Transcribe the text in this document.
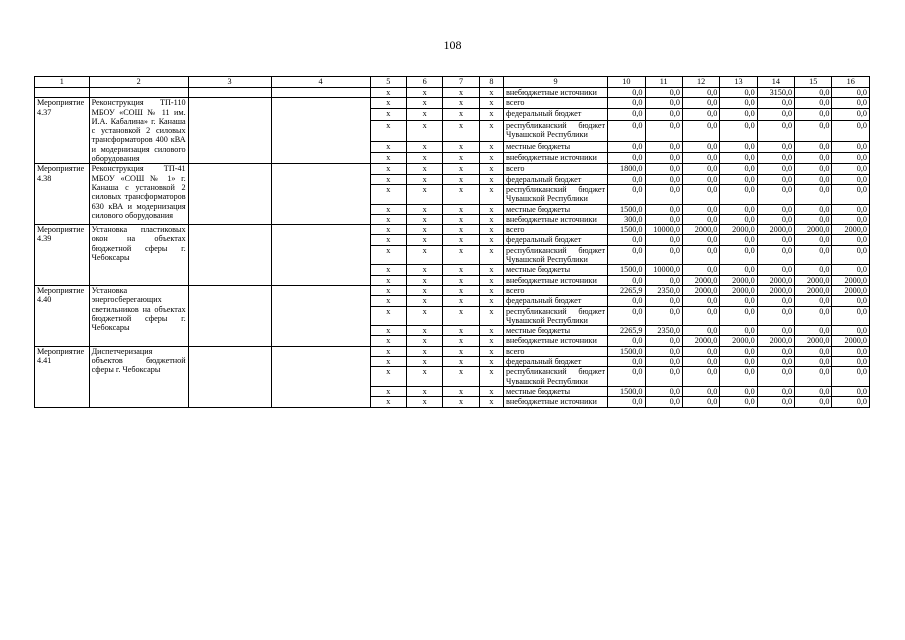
108
1	2	3	4	5	6	7	8	9	10	11	12	13	14	15	16
				x	x	x	x	внебюджетные источники	0,0	0,0	0,0	0,0	3150,0	0,0	0,0
Мероприятие 4.37	Реконструкция ТП-110 МБОУ «СОШ № 11 им. И.А. Кабалина» г. Канаша с установкой 2 силовых трансформаторов 400 кВА и модернизация силового оборудования			x	x	x	x	всего	0,0	0,0	0,0	0,0	0,0	0,0	0,0
				x	x	x	x	федеральный бюджет	0,0	0,0	0,0	0,0	0,0	0,0	0,0
				x	x	x	x	республиканский бюджет Чувашской Республики	0,0	0,0	0,0	0,0	0,0	0,0	0,0
				x	x	x	x	местные бюджеты	0,0	0,0	0,0	0,0	0,0	0,0	0,0
				x	x	x	x	внебюджетные источники	0,0	0,0	0,0	0,0	0,0	0,0	0,0
Мероприятие 4.38	Реконструкция ТП-41 МБОУ «СОШ № 1» г. Канаша с установкой 2 силовых трансформаторов 630 кВА и модернизация силового оборудования			x	x	x	x	всего	1800,0	0,0	0,0	0,0	0,0	0,0	0,0
				x	x	x	x	федеральный бюджет	0,0	0,0	0,0	0,0	0,0	0,0	0,0
				x	x	x	x	республиканский бюджет Чувашской Республики	0,0	0,0	0,0	0,0	0,0	0,0	0,0
				x	x	x	x	местные бюджеты	1500,0	0,0	0,0	0,0	0,0	0,0	0,0
				x	x	x	x	внебюджетные источники	300,0	0,0	0,0	0,0	0,0	0,0	0,0
Мероприятие 4.39	Установка пластиковых окон на объектах бюджетной сферы г. Чебоксары			x	x	x	x	всего	1500,0	10000,0	2000,0	2000,0	2000,0	2000,0	2000,0
				x	x	x	x	федеральный бюджет	0,0	0,0	0,0	0,0	0,0	0,0	0,0
				x	x	x	x	республиканский бюджет Чувашской Республики	0,0	0,0	0,0	0,0	0,0	0,0	0,0
				x	x	x	x	местные бюджеты	1500,0	10000,0	0,0	0,0	0,0	0,0	0,0
				x	x	x	x	внебюджетные источники	0,0	0,0	2000,0	2000,0	2000,0	2000,0	2000,0
Мероприятие 4.40	Установка энергосберегающих светильников на объектах бюджетной сферы г. Чебоксары			x	x	x	x	всего	2265,9	2350,0	2000,0	2000,0	2000,0	2000,0	2000,0
				x	x	x	x	федеральный бюджет	0,0	0,0	0,0	0,0	0,0	0,0	0,0
				x	x	x	x	республиканский бюджет Чувашской Республики	0,0	0,0	0,0	0,0	0,0	0,0	0,0
				x	x	x	x	местные бюджеты	2265,9	2350,0	0,0	0,0	0,0	0,0	0,0
				x	x	x	x	внебюджетные источники	0,0	0,0	2000,0	2000,0	2000,0	2000,0	2000,0
Мероприятие 4.41	Диспетчеризация объектов бюджетной сферы г. Чебоксары			x	x	x	x	всего	1500,0	0,0	0,0	0,0	0,0	0,0	0,0
				x	x	x	x	федеральный бюджет	0,0	0,0	0,0	0,0	0,0	0,0	0,0
				x	x	x	x	республиканский бюджет Чувашской Республики	0,0	0,0	0,0	0,0	0,0	0,0	0,0
				x	x	x	x	местные бюджеты	1500,0	0,0	0,0	0,0	0,0	0,0	0,0
				x	x	x	x	внебюджетные источники	0,0	0,0	0,0	0,0	0,0	0,0	0,0
